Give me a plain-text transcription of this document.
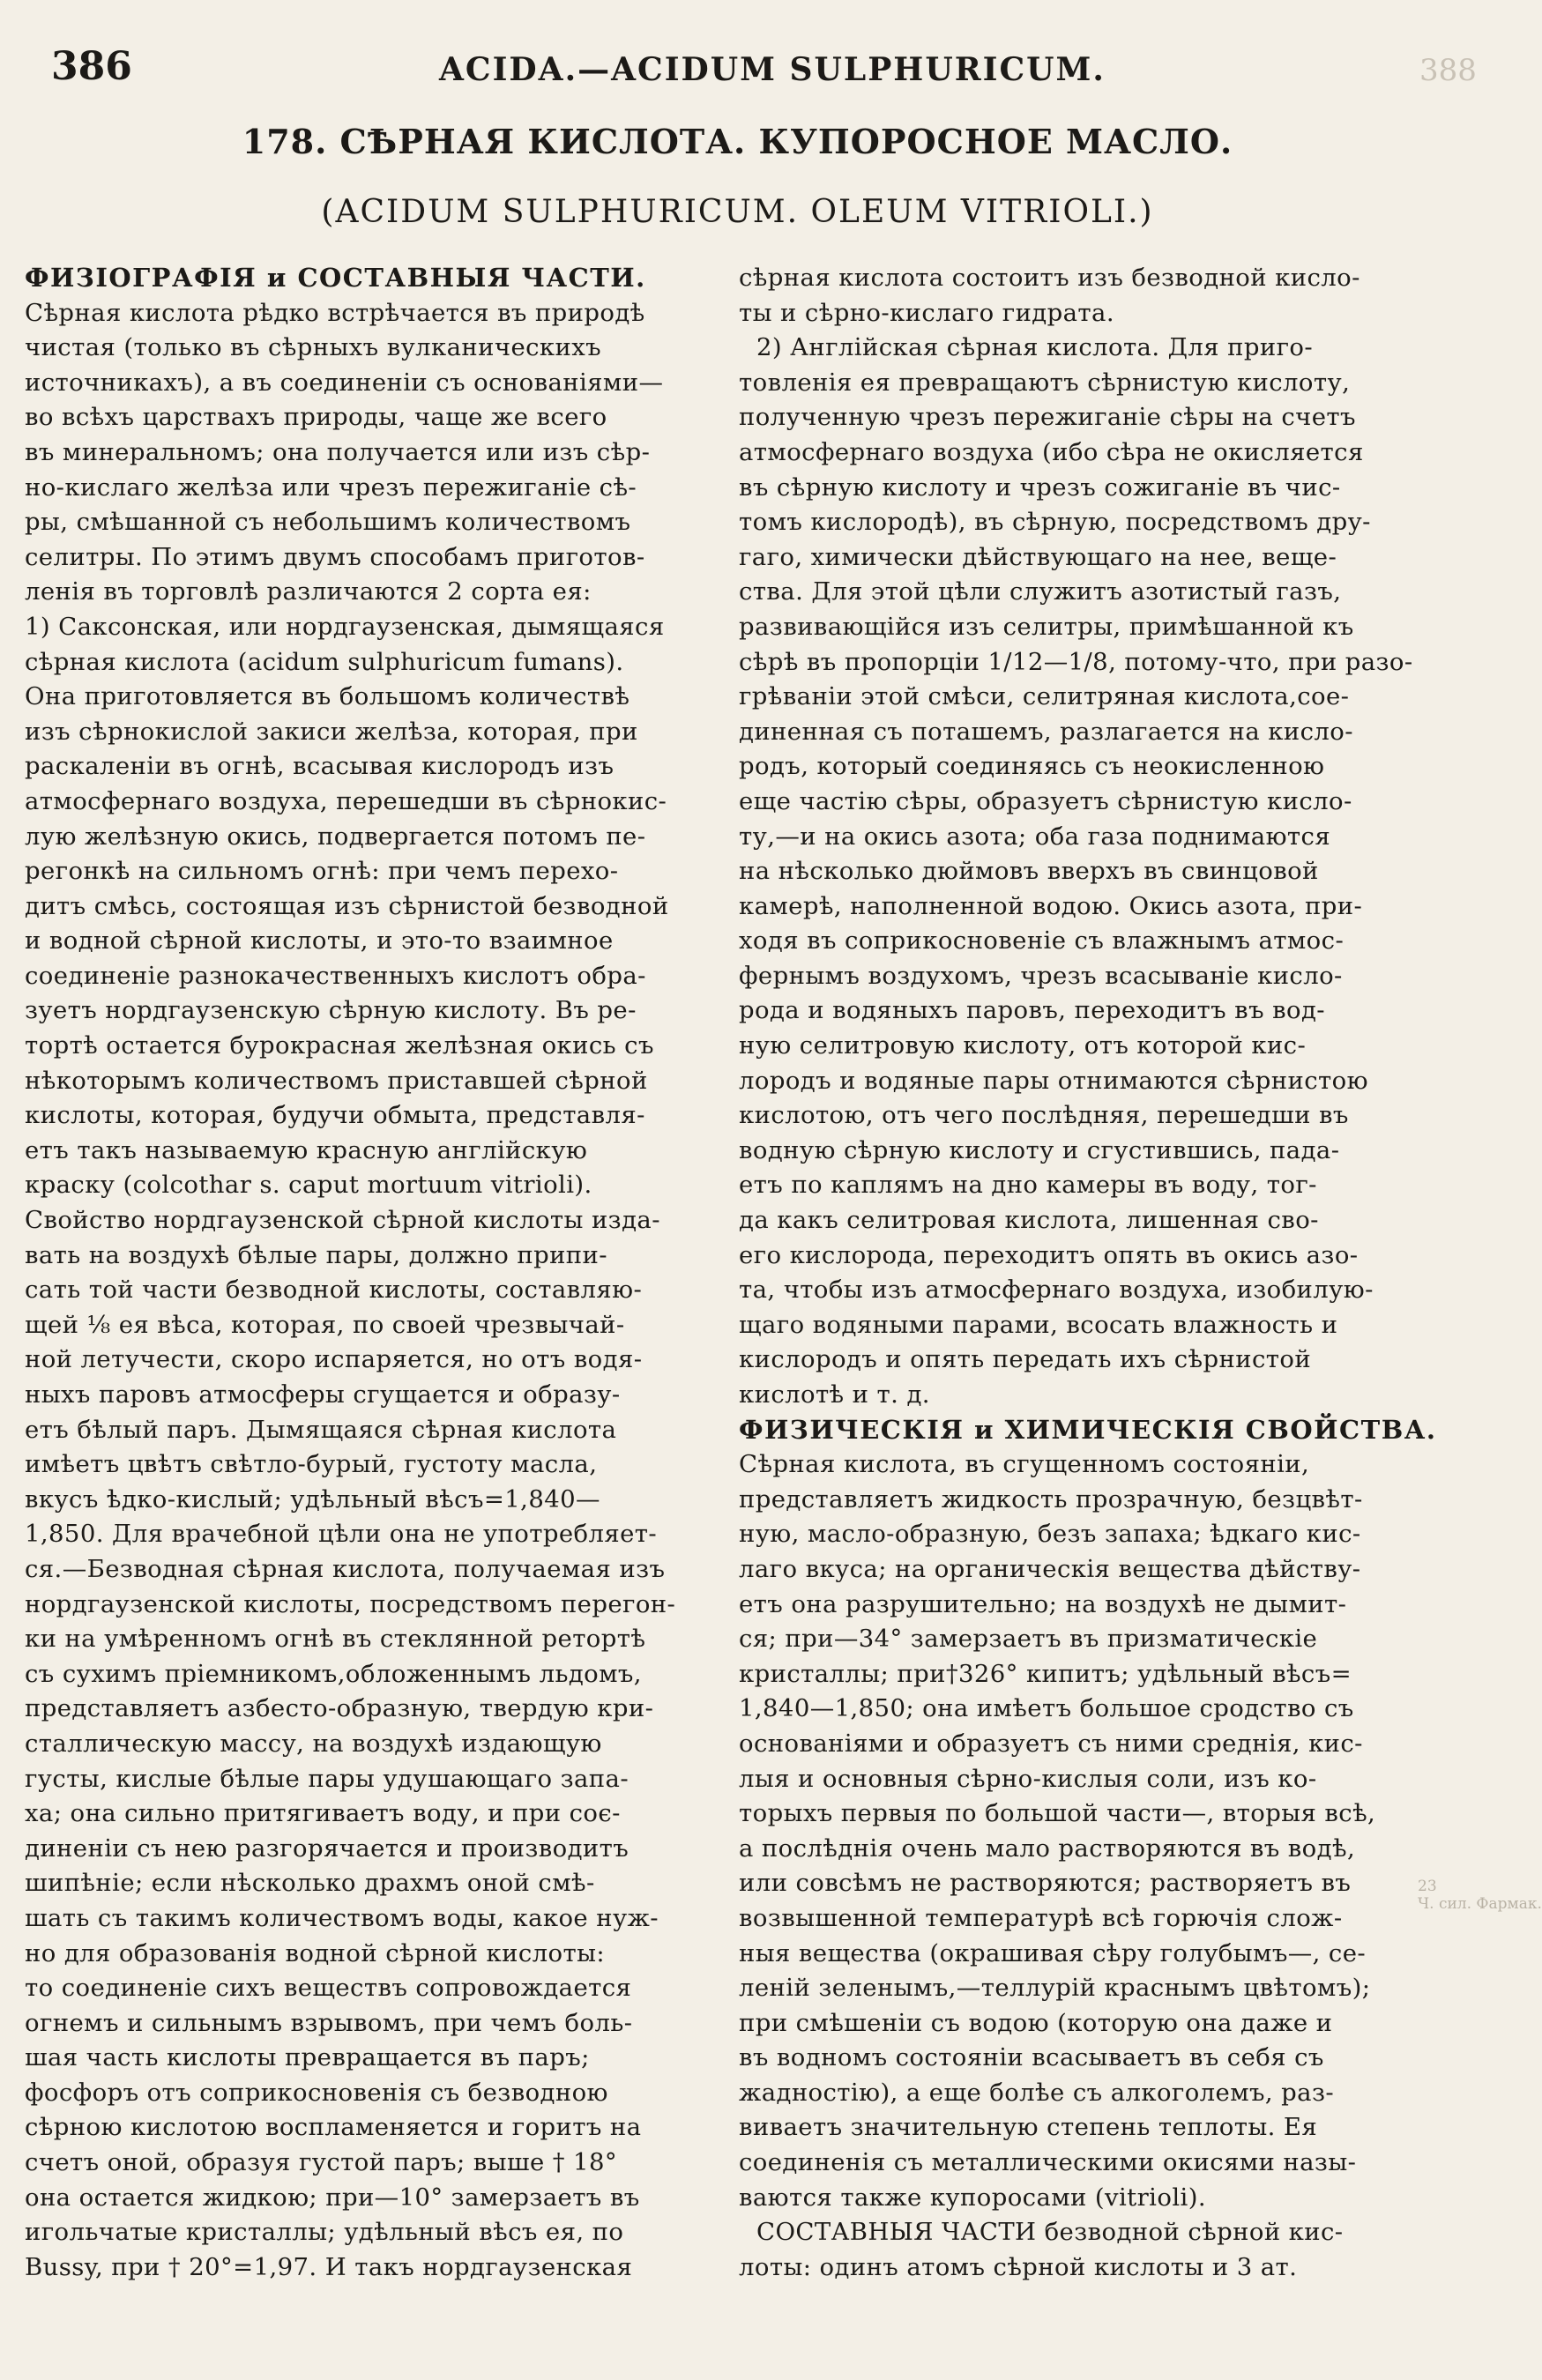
386	ACIDA.—ACIDUM SULPHURICUM.
178. СѢРНАЯ КИСЛОТА. КУПОРОСНОЕ МАСЛО.
(ACIDUM SULPHURICUM. OLEUM VITRIOLI.)
ФИЗІОГРАФІЯ и СОСТАВНЫЯ ЧАСТИ.
Сѣрная кислота рѣдко встрѣчается въ природѣ
чистая (только въ сѣрныхъ вулканическихъ
источникахъ), а въ соединеніи съ основаніями—
во всѣхъ царствахъ природы, чаще же всего
въ минеральномъ; она получается или изъ сѣр-
но-кислаго желѣза или чрезъ пережиганіе сѣ-
ры, смѣшанной съ небольшимъ количествомъ
селитры. По этимъ двумъ способамъ приготов-
ленія въ торговлѣ различаются 2 сорта ея:
1) Саксонская, или нордгаузенская, дымящаяся
сѣрная кислота (acidum sulphuricum fumans).
Она приготовляется въ большомъ количествѣ
изъ сѣрнокислой закиси желѣза, которая, при
раскаленіи въ огнѣ, всасывая кислородъ изъ
атмосфернаго воздуха, перешедши въ сѣрнокис-
лую желѣзную окись, подвергается потомъ пе-
регонкѣ на сильномъ огнѣ: при чемъ перехо-
дитъ смѣсь, состоящая изъ сѣрнистой безводной
и водной сѣрной кислоты, и это-то взаимное
соединеніе разнокачественныхъ кислотъ обра-
зуетъ нордгаузенскую сѣрную кислоту. Въ ре-
тортѣ остается бурокрасная желѣзная окись съ
нѣкоторымъ количествомъ приставшей сѣрной
кислоты, которая, будучи обмыта, представля-
етъ такъ называемую красную англійскую
краску (colcothar s. caput mortuum vitrioli).
Свойство нордгаузенской сѣрной кислоты изда-
вать на воздухѣ бѣлые пары, должно припи-
сать той части безводной кислоты, составляю-
щей ⅛ ея вѣса, которая, по своей чрезвычай-
ной летучести, скоро испаряется, но отъ водя-
ныхъ паровъ атмосферы сгущается и образу-
етъ бѣлый паръ. Дымящаяся сѣрная кислота
имѣетъ цвѣтъ свѣтло-бурый, густоту масла,
вкусъ ѣдко-кислый; удѣльный вѣсъ=1,840—
1,850. Для врачебной цѣли она не употребляет-
ся.—Безводная сѣрная кислота, получаемая изъ
нордгаузенской кислоты, посредствомъ перегон-
ки на умѣренномъ огнѣ въ стеклянной ретортѣ
съ сухимъ пріемникомъ,обложеннымъ льдомъ,
представляетъ азбесто-образную, твердую кри-
сталлическую массу, на воздухѣ издающую
густы, кислые бѣлые пары удушающаго запа-
ха; она сильно притягиваетъ воду, и при соє-
диненіи съ нею разгорячается и производитъ
шипѣніе; если нѣсколько драхмъ оной смѣ-
шать съ такимъ количествомъ воды, какое нуж-
но для образованія водной сѣрной кислоты:
то соединеніе сихъ веществъ сопровождается
огнемъ и сильнымъ взрывомъ, при чемъ боль-
шая часть кислоты превращается въ паръ;
фосфоръ отъ соприкосновенія съ безводною
сѣрною кислотою воспламеняется и горитъ на
счетъ оной, образуя густой паръ; выше † 18°
она остается жидкою; при—10° замерзаетъ въ
игольчатые кристаллы; удѣльный вѣсъ ея, по
Bussy, при † 20°=1,97. И такъ нордгаузенская
сѣрная кислота состоитъ изъ безводной кисло-
ты и сѣрно-кислаго гидрата.
2) Англійская сѣрная кислота. Для приго-
товленія ея превращаютъ сѣрнистую кислоту,
полученную чрезъ пережиганіе сѣры на счетъ
атмосфернаго воздуха (ибо сѣра не окисляется
въ сѣрную кислоту и чрезъ сожиганіе въ чис-
томъ кислородѣ), въ сѣрную, посредствомъ дру-
гаго, химически дѣйствующаго на нее, веще-
ства. Для этой цѣли служитъ азотистый газъ,
развивающійся изъ селитры, примѣшанной къ
сѣрѣ въ пропорціи 1/12—1/8, потому-что, при разо-
грѣваніи этой смѣси, селитряная кислота,сое-
диненная съ поташемъ, разлагается на кисло-
родъ, который соединяясь съ неокисленною
еще частію сѣры, образуетъ сѣрнистую кисло-
ту,—и на окись азота; оба газа поднимаются
на нѣсколько дюймовъ вверхъ въ свинцовой
камерѣ, наполненной водою. Окись азота, при-
ходя въ соприкосновеніе съ влажнымъ атмос-
фернымъ воздухомъ, чрезъ всасываніе кисло-
рода и водяныхъ паровъ, переходитъ въ вод-
ную селитровую кислоту, отъ которой кис-
лородъ и водяные пары отнимаются сѣрнистою
кислотою, отъ чего послѣдняя, перешедши въ
водную сѣрную кислоту и сгустившись, пада-
етъ по каплямъ на дно камеры въ воду, тог-
да какъ селитровая кислота, лишенная сво-
его кислорода, переходитъ опять въ окись азо-
та, чтобы изъ атмосфернаго воздуха, изобилую-
щаго водяными парами, всосать влажность и
кислородъ и опять передать ихъ сѣрнистой
кислотѣ и т. д.
ФИЗИЧЕСКІЯ и ХИМИЧЕСКІЯ СВОЙСТВА.
Сѣрная кислота, въ сгущенномъ состояніи,
представляетъ жидкость прозрачную, безцвѣт-
ную, масло-образную, безъ запаха; ѣдкаго кис-
лаго вкуса; на органическія вещества дѣйству-
етъ она разрушительно; на воздухѣ не дымит-
ся; при—34° замерзаетъ въ призматическіе
кристаллы; при†326° кипитъ; удѣльный вѣсъ=
1,840—1,850; она имѣетъ большое сродство съ
основаніями и образуетъ съ ними среднія, кис-
лыя и основныя сѣрно-кислыя соли, изъ ко-
торыхъ первыя по большой части—, вторыя всѣ,
а послѣднія очень мало растворяются въ водѣ,
или совсѣмъ не растворяются; растворяетъ въ
возвышенной температурѣ всѣ горючія слож-
ныя вещества (окрашивая сѣру голубымъ—, се-
леній зеленымъ,—теллурій краснымъ цвѣтомъ);
при смѣшеніи съ водою (которую она даже и
въ водномъ состояніи всасываетъ въ себя съ
жадностію), а еще болѣе съ алкоголемъ, раз-
виваетъ значительную степень теплоты. Ея
соединенія съ металлическими окисями назы-
ваются также купоросами (vitrioli).
СОСТАВНЫЯ ЧАСТИ безводной сѣрной кис-
лоты: одинъ атомъ сѣрной кислоты и 3 ат.
388
23
Ч. сил. Фармак.
